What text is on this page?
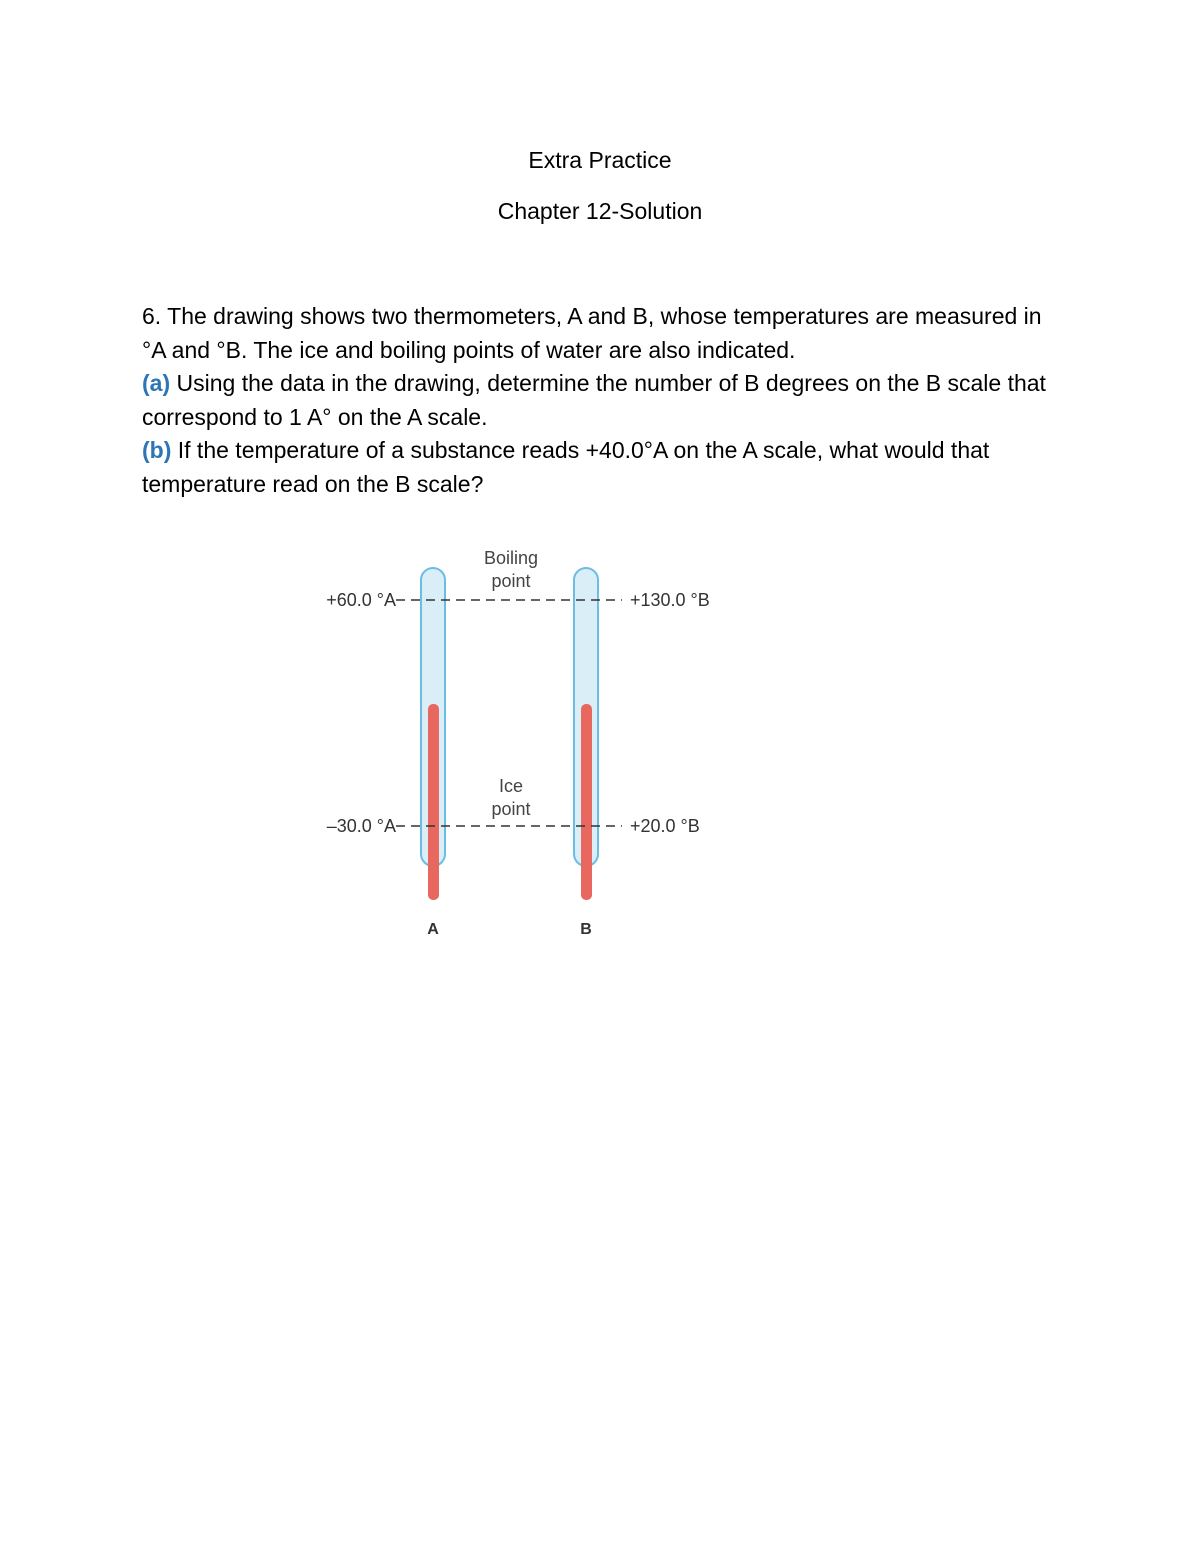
Extra Practice
Chapter 12-Solution
6. The drawing shows two thermometers, A and B, whose temperatures are measured in °A and °B. The ice and boiling points of water are also indicated.
(a) Using the data in the drawing, determine the number of B degrees on the B scale that correspond to 1 A° on the A scale.
(b) If the temperature of a substance reads +40.0°A on the A scale, what would that temperature read on the B scale?
+60.0 °A
–30.0 °A
+130.0 °B
+20.0 °B
Boiling
point
Ice
point
A	B
